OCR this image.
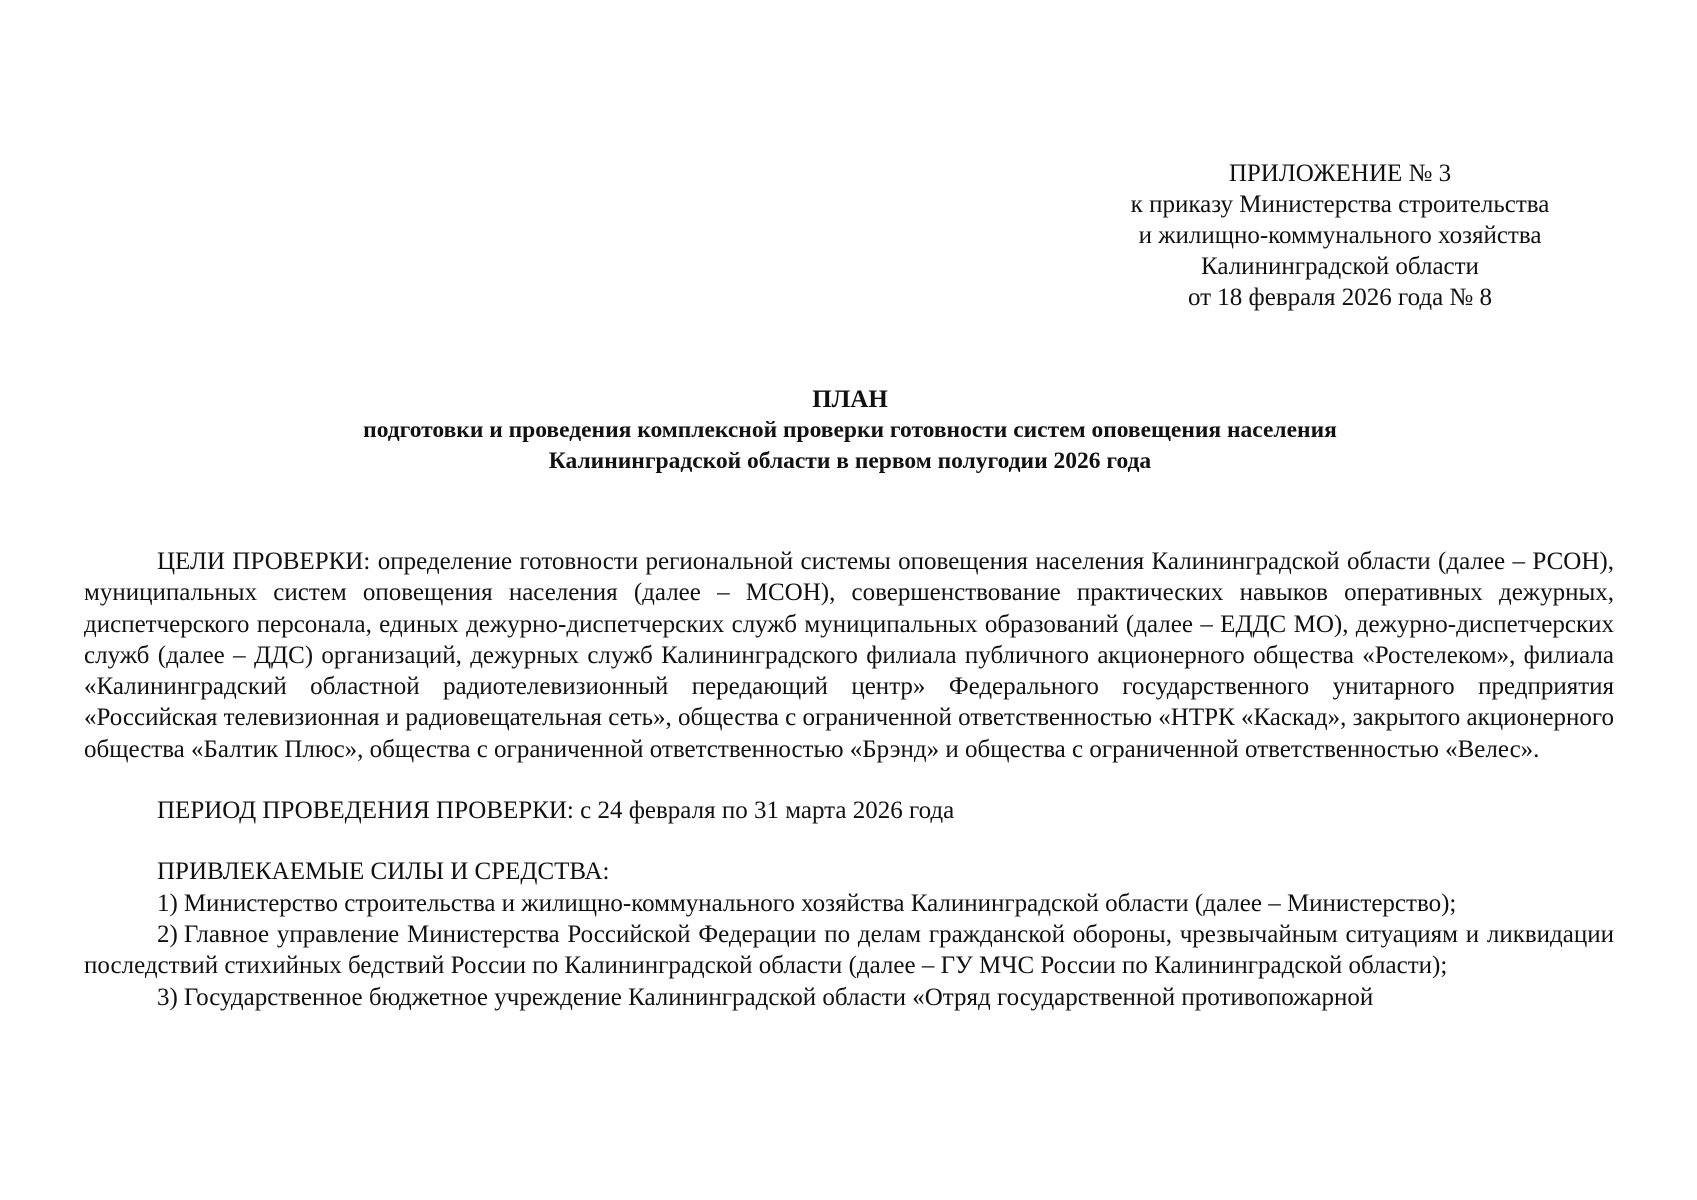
ПРИЛОЖЕНИЕ № 3
к приказу Министерства строительства
и жилищно-коммунального хозяйства
Калининградской области
от 18 февраля 2026 года № 8
ПЛАН
подготовки и проведения комплексной проверки готовности систем оповещения населения
Калининградской области в первом полугодии 2026 года

ЦЕЛИ ПРОВЕРКИ: определение готовности региональной системы оповещения населения Калининградской области (далее – РСОН), муниципальных систем оповещения населения (далее – МСОН), совершенствование практических навыков оперативных дежурных, диспетчерского персонала, единых дежурно-диспетчерских служб муниципальных образований (далее – ЕДДС МО), дежурно-диспетчерских служб (далее – ДДС) организаций, дежурных служб Калининградского филиала публичного акционерного общества «Ростелеком», филиала «Калининградский областной радиотелевизионный передающий центр» Федерального государственного унитарного предприятия «Российская телевизионная и радиовещательная сеть», общества с ограниченной ответственностью «НТРК «Каскад», закрытого акционерного общества «Балтик Плюс», общества с ограниченной ответственностью «Брэнд» и общества с ограниченной ответственностью «Велес».

ПЕРИОД ПРОВЕДЕНИЯ ПРОВЕРКИ: с 24 февраля по 31 марта 2026 года

ПРИВЛЕКАЕМЫЕ СИЛЫ И СРЕДСТВА:

1) Министерство строительства и жилищно-коммунального хозяйства Калининградской области (далее – Министерство);

2) Главное управление Министерства Российской Федерации по делам гражданской обороны, чрезвычайным ситуациям и ликвидации последствий стихийных бедствий России по Калининградской области (далее – ГУ МЧС России по Калининградской области);

3) Государственное бюджетное учреждение Калининградской области «Отряд государственной противопожарной
